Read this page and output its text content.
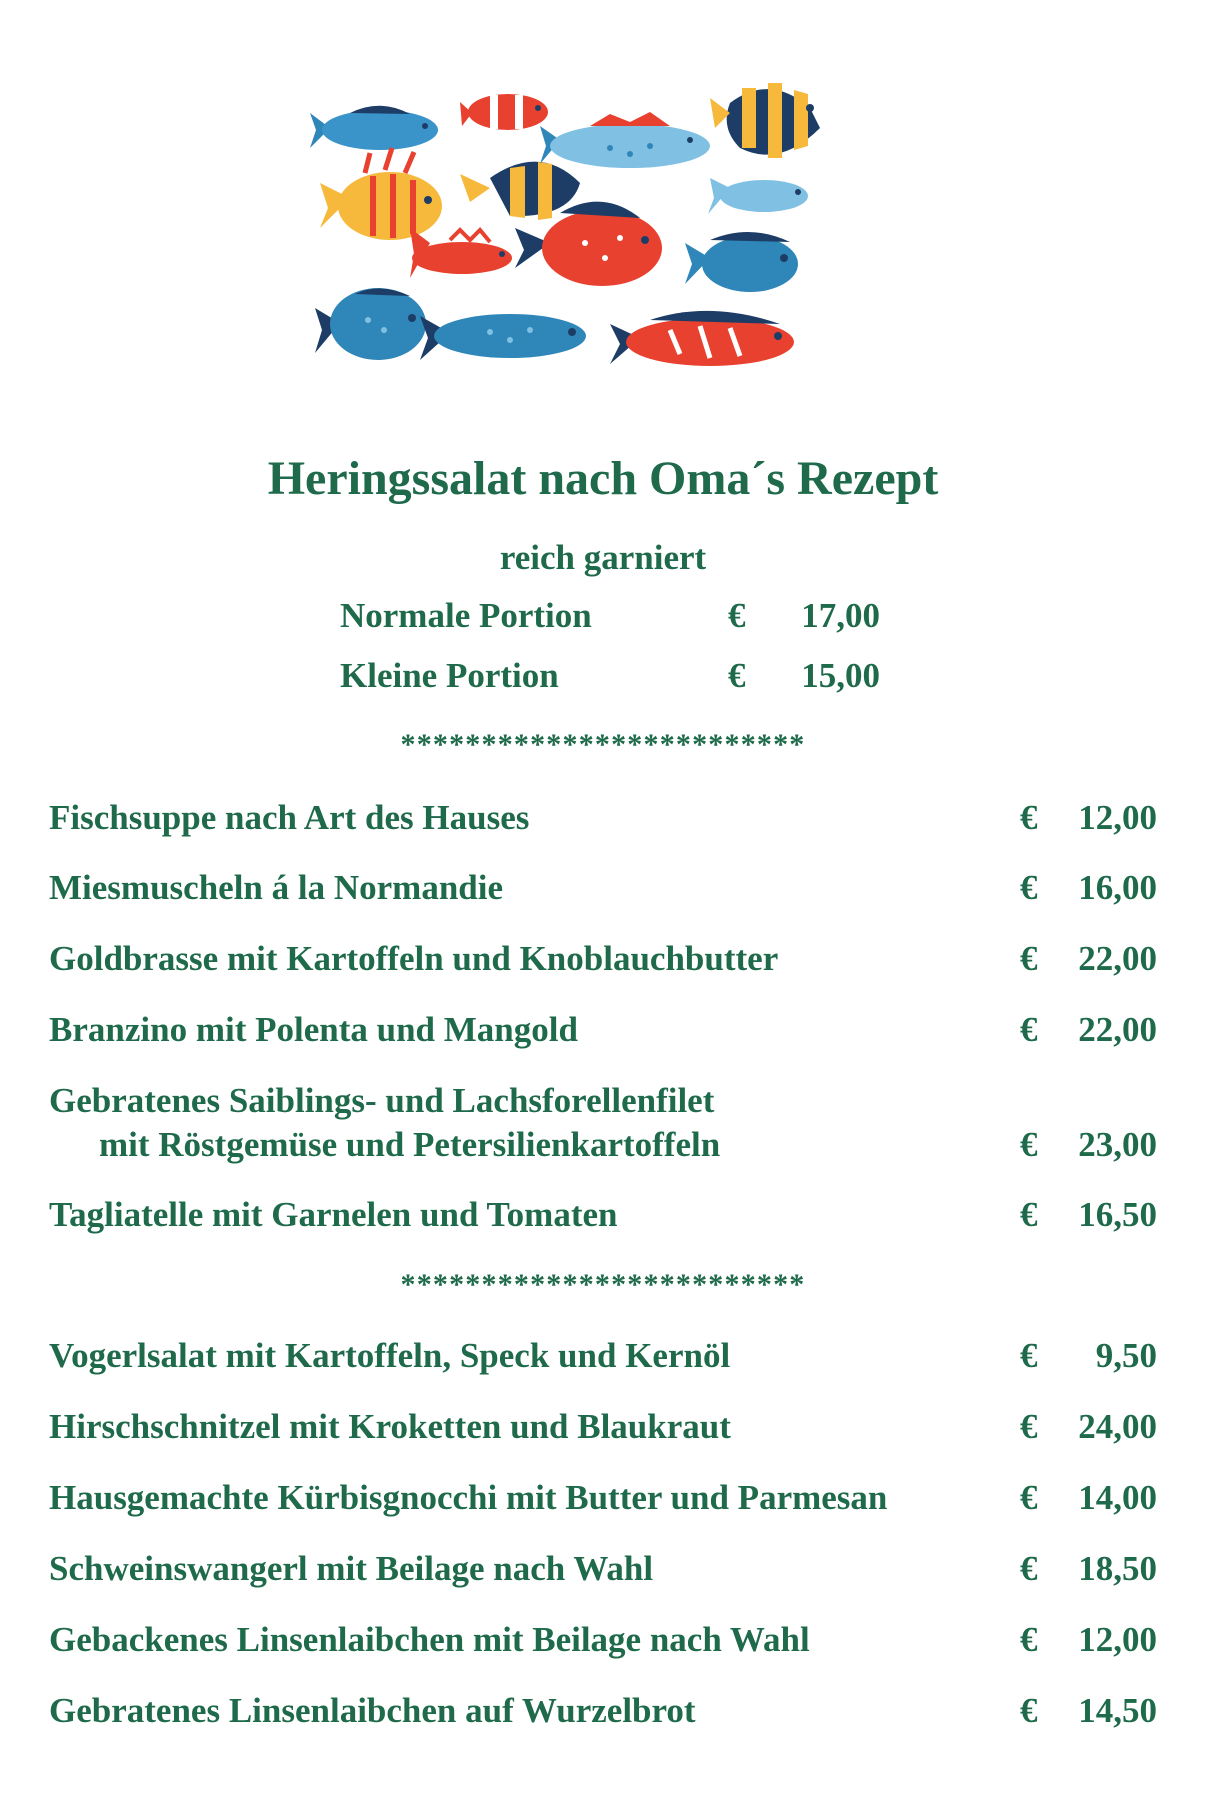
Heringssalat nach Oma´s Rezept
reich garniert
Normale Portion	€ 17,00
Kleine Portion	€ 15,00
*************************
Fischsuppe nach Art des Hauses	€ 12,00
Miesmuscheln á la Normandie	€ 16,00
Goldbrasse mit Kartoffeln und Knoblauchbutter	€ 22,00
Branzino mit Polenta und Mangold	€ 22,00
Gebratenes Saiblings- und Lachsforellenfilet
mit Röstgemüse und Petersilienkartoffeln	€ 23,00
Tagliatelle mit Garnelen und Tomaten	€ 16,50
*************************
Vogerlsalat mit Kartoffeln, Speck und Kernöl	€ 9,50
Hirschschnitzel mit Kroketten und Blaukraut	€ 24,00
Hausgemachte Kürbisgnocchi mit Butter und Parmesan	€ 14,00
Schweinswangerl mit Beilage nach Wahl	€ 18,50
Gebackenes Linsenlaibchen mit Beilage nach Wahl	€ 12,00
Gebratenes Linsenlaibchen auf Wurzelbrot	€ 14,50
